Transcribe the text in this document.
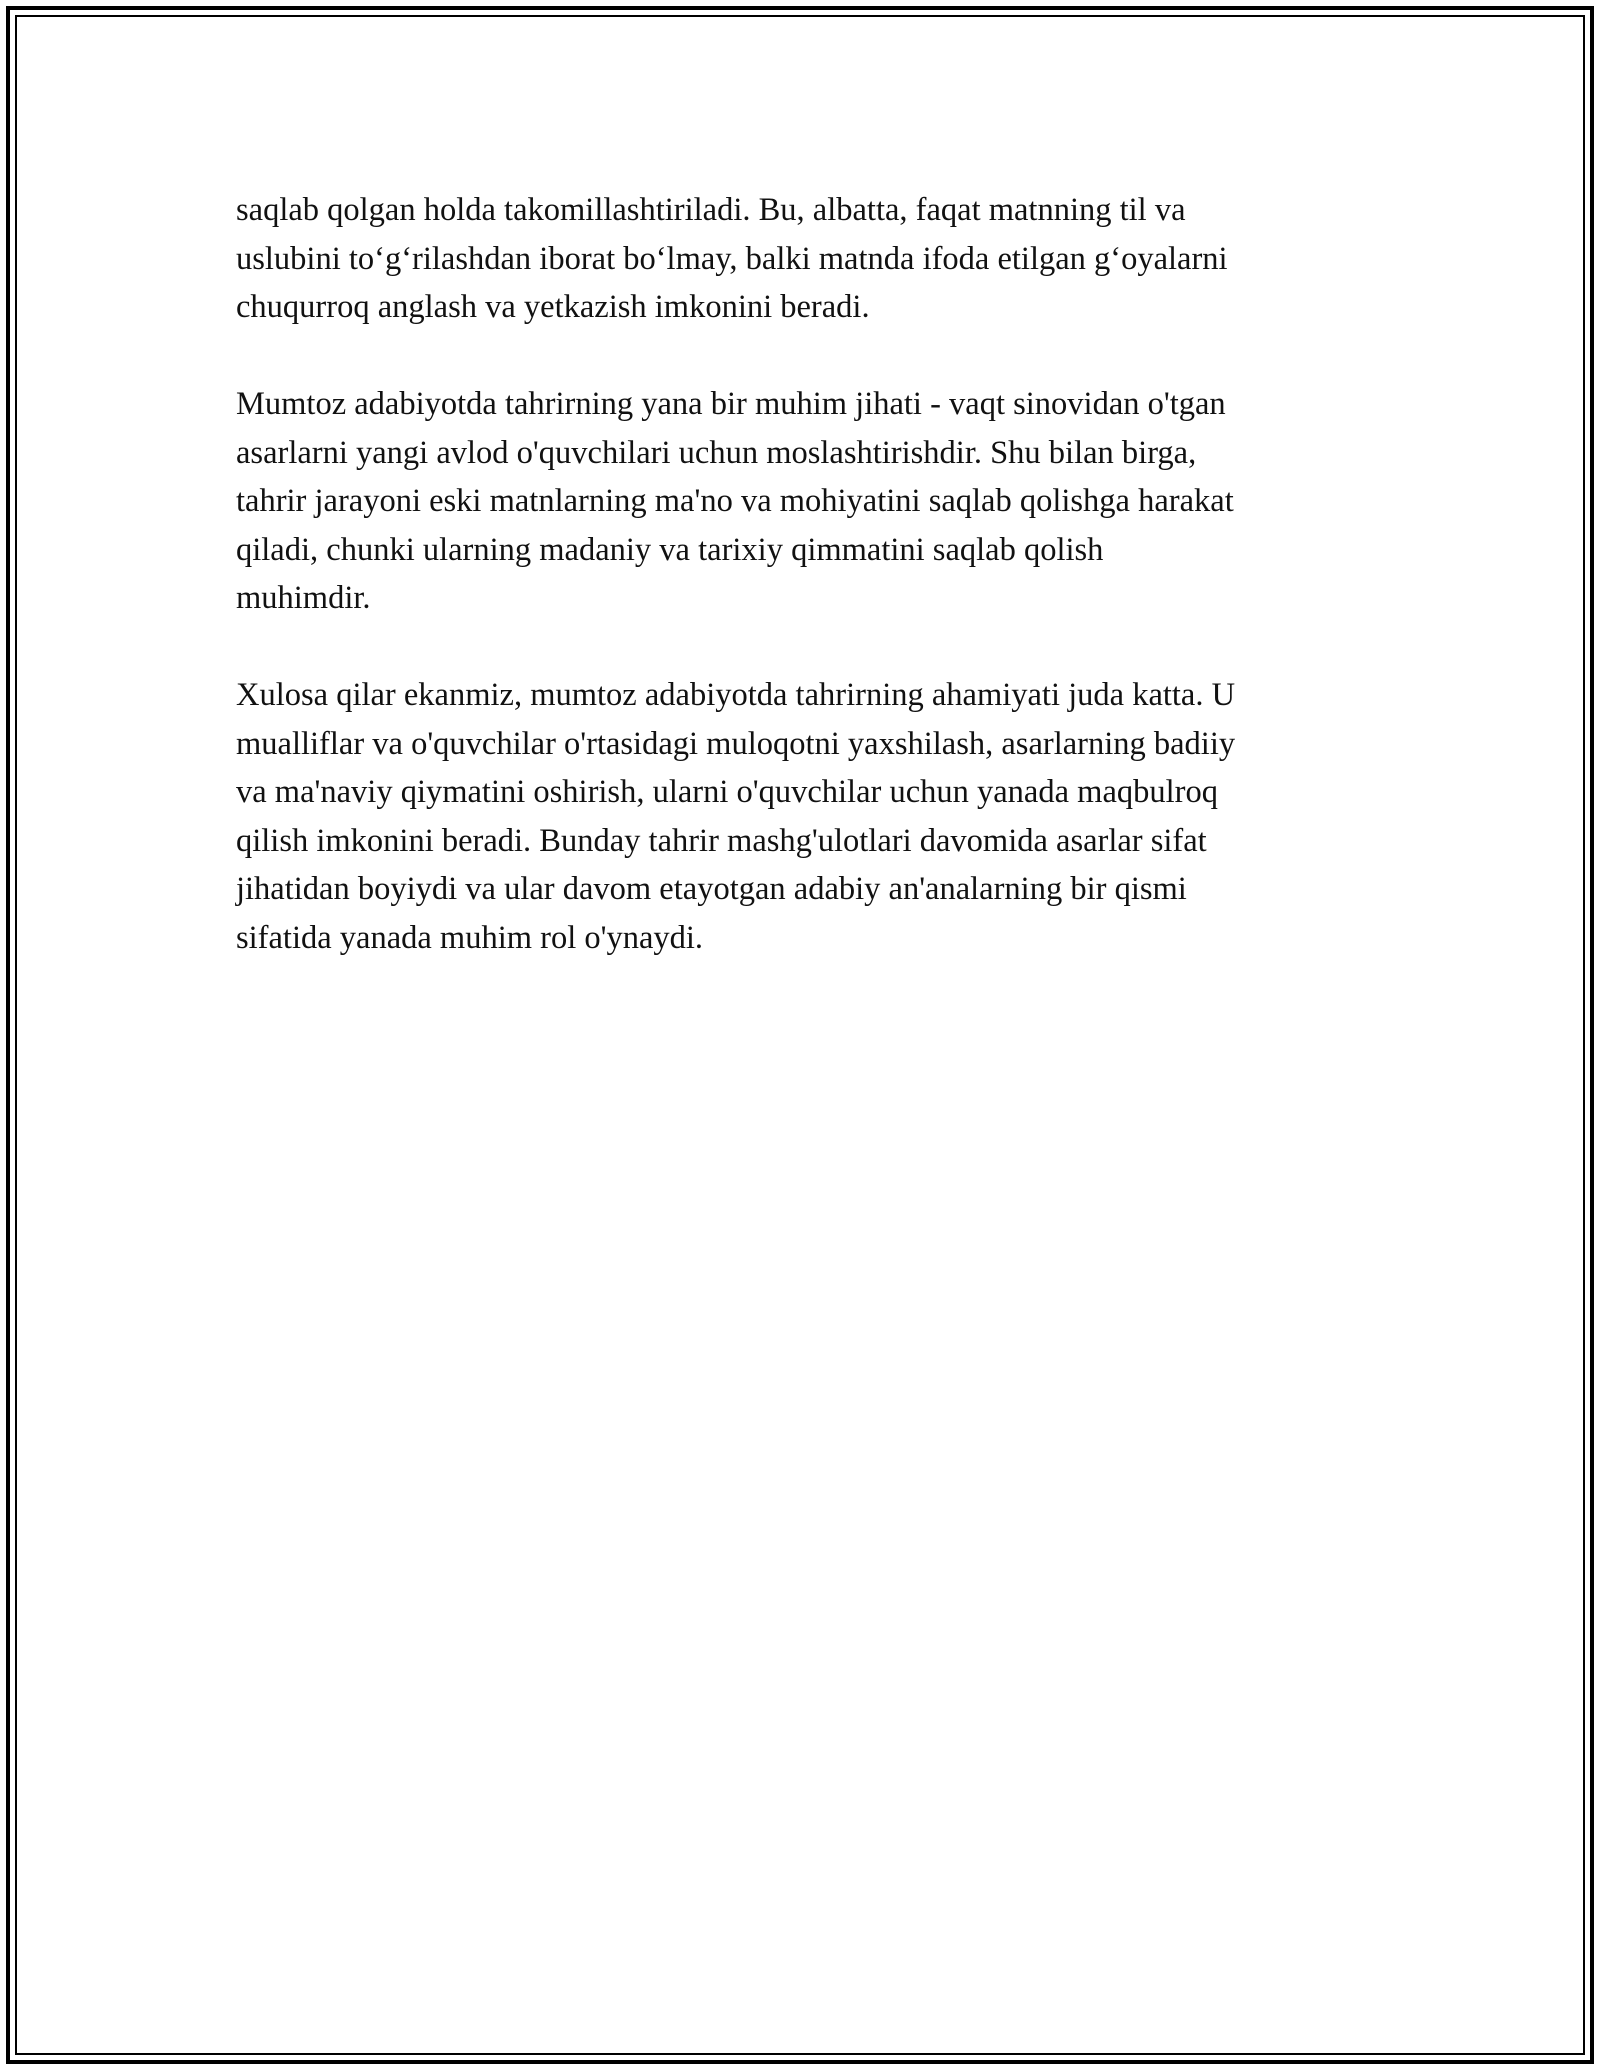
saqlab qolgan holda takomillashtiriladi. Bu, albatta, faqat matnning til va
uslubini to‘g‘rilashdan iborat bo‘lmay, balki matnda ifoda etilgan g‘oyalarni
chuqurroq anglash va yetkazish imkonini beradi.

Mumtoz adabiyotda tahrirning yana bir muhim jihati - vaqt sinovidan o'tgan
asarlarni yangi avlod o'quvchilari uchun moslashtirishdir. Shu bilan birga,
tahrir jarayoni eski matnlarning ma'no va mohiyatini saqlab qolishga harakat
qiladi, chunki ularning madaniy va tarixiy qimmatini saqlab qolish
muhimdir.

Xulosa qilar ekanmiz, mumtoz adabiyotda tahrirning ahamiyati juda katta. U
mualliflar va o'quvchilar o'rtasidagi muloqotni yaxshilash, asarlarning badiiy
va ma'naviy qiymatini oshirish, ularni o'quvchilar uchun yanada maqbulroq
qilish imkonini beradi. Bunday tahrir mashg'ulotlari davomida asarlar sifat
jihatidan boyiydi va ular davom etayotgan adabiy an'analarning bir qismi
sifatida yanada muhim rol o'ynaydi.
